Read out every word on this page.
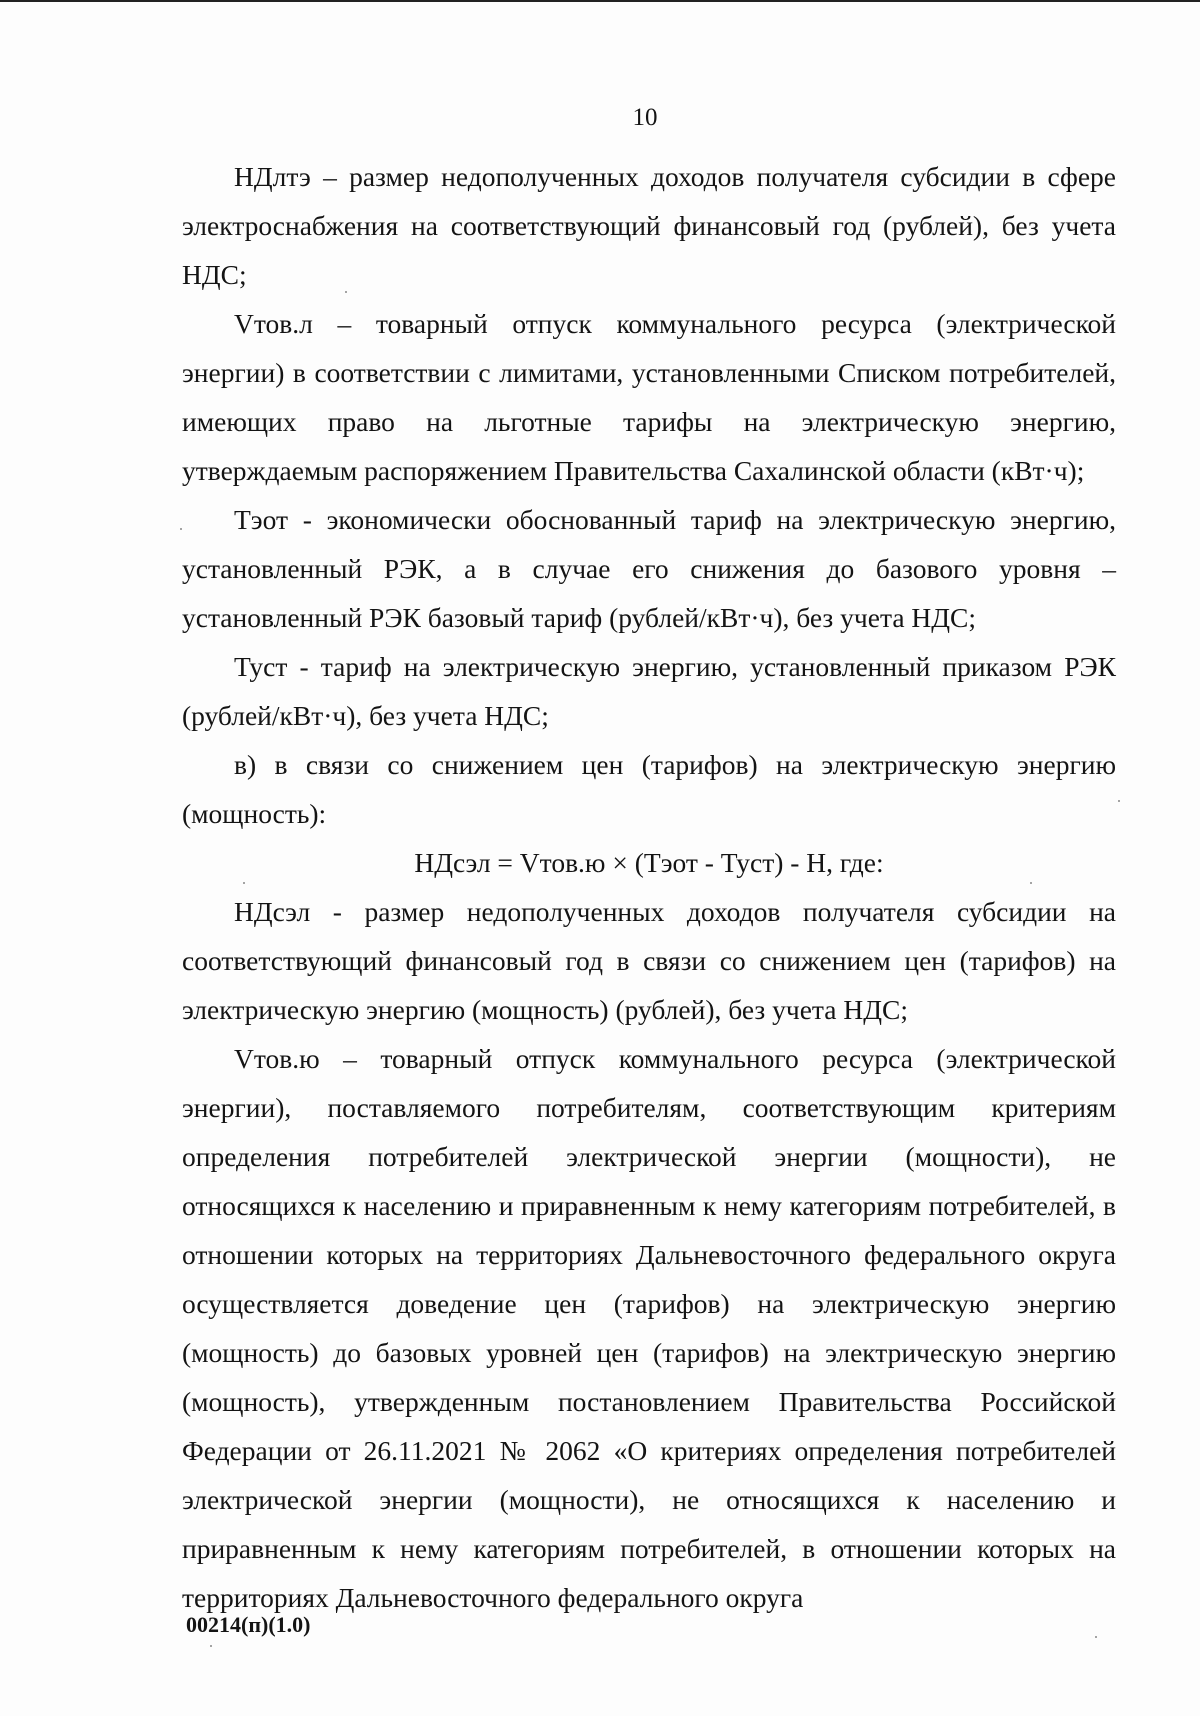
10

НДлтэ – размер недополученных доходов получателя субсидии в сфере электроснабжения на соответствующий финансовый год (рублей), без учета НДС;

Vтов.л – товарный отпуск коммунального ресурса (электрической энергии) в соответствии с лимитами, установленными Списком потребителей, имеющих право на льготные тарифы на электрическую энергию, утверждаемым распоряжением Правительства Сахалинской области (кВт·ч);

Тэот - экономически обоснованный тариф на электрическую энергию, установленный РЭК, а в случае его снижения до базового уровня – установленный РЭК базовый тариф (рублей/кВт·ч), без учета НДС;

Туст - тариф на электрическую энергию, установленный приказом РЭК (рублей/кВт·ч), без учета НДС;

в) в связи со снижением цен (тарифов) на электрическую энергию (мощность):

НДсэл = Vтов.ю × (Тэот - Туст) - Н, где:

НДсэл - размер недополученных доходов получателя субсидии на соответствующий финансовый год в связи со снижением цен (тарифов) на электрическую энергию (мощность) (рублей), без учета НДС;

Vтов.ю – товарный отпуск коммунального ресурса (электрической энергии), поставляемого потребителям, соответствующим критериям определения потребителей электрической энергии (мощности), не относящихся к населению и приравненным к нему категориям потребителей, в отношении которых на территориях Дальневосточного федерального округа осуществляется доведение цен (тарифов) на электрическую энергию (мощность) до базовых уровней цен (тарифов) на электрическую энергию (мощность), утвержденным постановлением Правительства Российской Федерации от 26.11.2021 № 2062 «О критериях определения потребителей электрической энергии (мощности), не относящихся к населению и приравненным к нему категориям потребителей, в отношении которых на территориях Дальневосточного федерального округа

00214(п)(1.0)
